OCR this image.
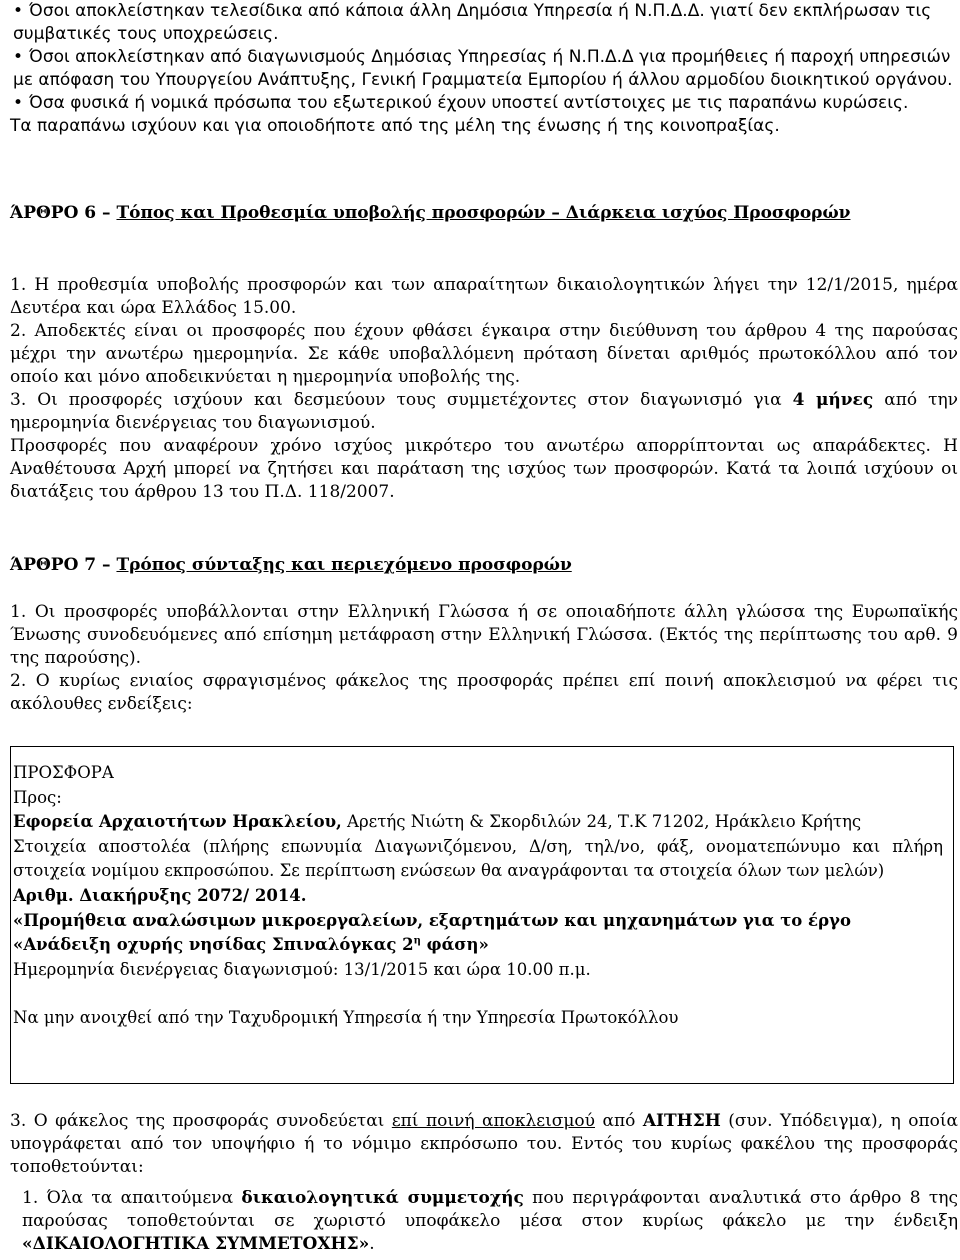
• Όσοι αποκλείστηκαν τελεσίδικα από κάποια άλλη Δημόσια Υπηρεσία ή Ν.Π.Δ.Δ. γιατί δεν εκπλήρωσαν τις συμβατικές τους υποχρεώσεις.
• Όσοι αποκλείστηκαν από διαγωνισμούς Δημόσιας Υπηρεσίας ή Ν.Π.Δ.Δ για προμήθειες ή παροχή υπηρεσιών με απόφαση του Υπουργείου Ανάπτυξης, Γενική Γραμματεία Εμπορίου ή άλλου αρμοδίου διοικητικού οργάνου.
• Όσα φυσικά ή νομικά πρόσωπα του εξωτερικού έχουν υποστεί αντίστοιχες με τις παραπάνω κυρώσεις.
Τα παραπάνω ισχύουν και για οποιοδήποτε από της μέλη της ένωσης ή της κοινοπραξίας.

ΆΡΘΡΟ 6 – Τόπος και Προθεσμία υποβολής προσφορών – Διάρκεια ισχύος Προσφορών

1. Η προθεσμία υποβολής προσφορών και των απαραίτητων δικαιολογητικών λήγει την 12/1/2015, ημέρα Δευτέρα και ώρα Ελλάδος 15.00.
2. Αποδεκτές είναι οι προσφορές που έχουν φθάσει έγκαιρα στην διεύθυνση του άρθρου 4 της παρούσας μέχρι την ανωτέρω ημερομηνία. Σε κάθε υποβαλλόμενη πρόταση δίνεται αριθμός πρωτοκόλλου από τον οποίο και μόνο αποδεικνύεται η ημερομηνία υποβολής της.
3. Οι προσφορές ισχύουν και δεσμεύουν τους συμμετέχοντες στον διαγωνισμό για 4 μήνες από την ημερομηνία διενέργειας του διαγωνισμού.
Προσφορές που αναφέρουν χρόνο ισχύος μικρότερο του ανωτέρω απορρίπτονται ως απαράδεκτες. Η Αναθέτουσα Αρχή μπορεί να ζητήσει και παράταση της ισχύος των προσφορών. Κατά τα λοιπά ισχύουν οι διατάξεις του άρθρου 13 του Π.Δ. 118/2007.

ΆΡΘΡΟ 7 – Τρόπος σύνταξης και περιεχόμενο προσφορών

1. Οι προσφορές υποβάλλονται στην Ελληνική Γλώσσα ή σε οποιαδήποτε άλλη γλώσσα της Ευρωπαϊκής Ένωσης συνοδευόμενες από επίσημη μετάφραση στην Ελληνική Γλώσσα. (Εκτός της περίπτωσης του αρθ. 9 της παρούσης).
2. Ο κυρίως ενιαίος σφραγισμένος φάκελος της προσφοράς πρέπει επί ποινή αποκλεισμού να φέρει τις ακόλουθες ενδείξεις:
ΠΡΟΣΦΟΡΑ
Προς:
Εφορεία Αρχαιοτήτων Ηρακλείου, Αρετής Νιώτη & Σκορδιλών 24, Τ.Κ 71202, Ηράκλειο Κρήτης
Στοιχεία αποστολέα (πλήρης επωνυμία Διαγωνιζόμενου, Δ/ση, τηλ/νο, φάξ, ονοματεπώνυμο και πλήρη στοιχεία νομίμου εκπροσώπου. Σε περίπτωση ενώσεων θα αναγράφονται τα στοιχεία όλων των μελών)
Αριθμ. Διακήρυξης 2072/ 2014.
«Προμήθεια αναλώσιμων μικροεργαλείων, εξαρτημάτων και μηχανημάτων για το έργο «Ανάδειξη οχυρής νησίδας Σπιναλόγκας $2^\eta$ φάση»
Ημερομηνία διενέργειας διαγωνισμού: 13/1/2015 και ώρα 10.00 π.μ.
Να μην ανοιχθεί από την Ταχυδρομική Υπηρεσία ή την Υπηρεσία Πρωτοκόλλου
3. Ο φάκελος της προσφοράς συνοδεύεται επί ποινή αποκλεισμού από ΑΙΤΗΣΗ (συν. Υπόδειγμα), η οποία υπογράφεται από τον υποψήφιο ή το νόμιμο εκπρόσωπο του. Εντός του κυρίως φακέλου της προσφοράς τοποθετούνται:
1. Όλα τα απαιτούμενα δικαιολογητικά συμμετοχής που περιγράφονται αναλυτικά στο άρθρο 8 της παρούσας τοποθετούνται σε χωριστό υποφάκελο μέσα στον κυρίως φάκελο με την ένδειξη «ΔΙΚΑΙΟΛΟΓΗΤΙΚΑ ΣΥΜΜΕΤΟΧΗΣ».
